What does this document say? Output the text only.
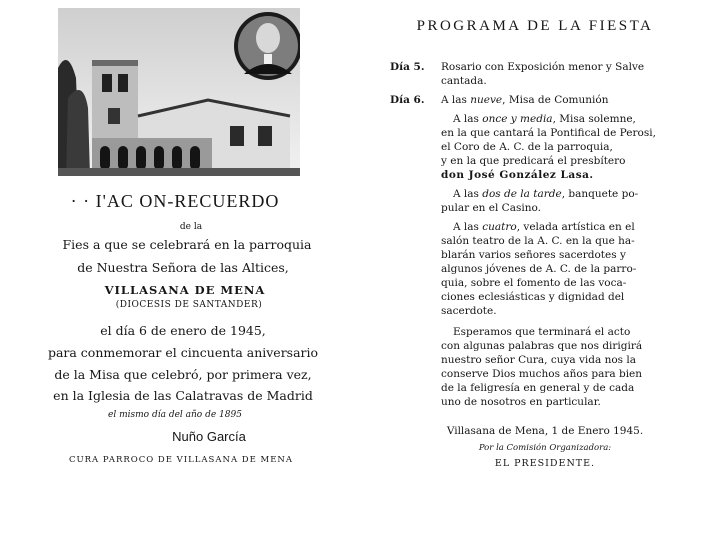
· · I'AC ON-RECUERDO
de la
Fies a que se celebrará en la parroquia
de Nuestra Señora de las Altices,
VILLASANA DE MENA
(DIOCESIS DE SANTANDER)
el día 6 de enero de 1945,
para conmemorar el cincuenta aniversario
de la Misa que celebró, por primera vez,
en la Iglesia de las Calatravas de Madrid
el mismo día del año de 1895
Nuño García
CURA PARROCO DE VILLASANA DE MENA
PROGRAMA DE LA FIESTA
Día 5. Rosario con Exposición menor y Salve
cantada.
Día 6. A las nueve, Misa de Comunión
A las once y media, Misa solemne,
en la que cantará la Pontifical de Perosi,
el Coro de A. C. de la parroquia,
y en la que predicará el presbítero
don José González Lasa.
A las dos de la tarde, banquete po-
pular en el Casino.
A las cuatro, velada artística en el
salón teatro de la A. C. en la que ha-
blarán varios señores sacerdotes y
algunos jóvenes de A. C. de la parro-
quia, sobre el fomento de las voca-
ciones eclesiásticas y dignidad del
sacerdote.
Esperamos que terminará el acto
con algunas palabras que nos dirigirá
nuestro señor Cura, cuya vida nos la
conserve Dios muchos años para bien
de la feligresía en general y de cada
uno de nosotros en particular.
Villasana de Mena, 1 de Enero 1945.
Por la Comisión Organizadora:
EL PRESIDENTE.
